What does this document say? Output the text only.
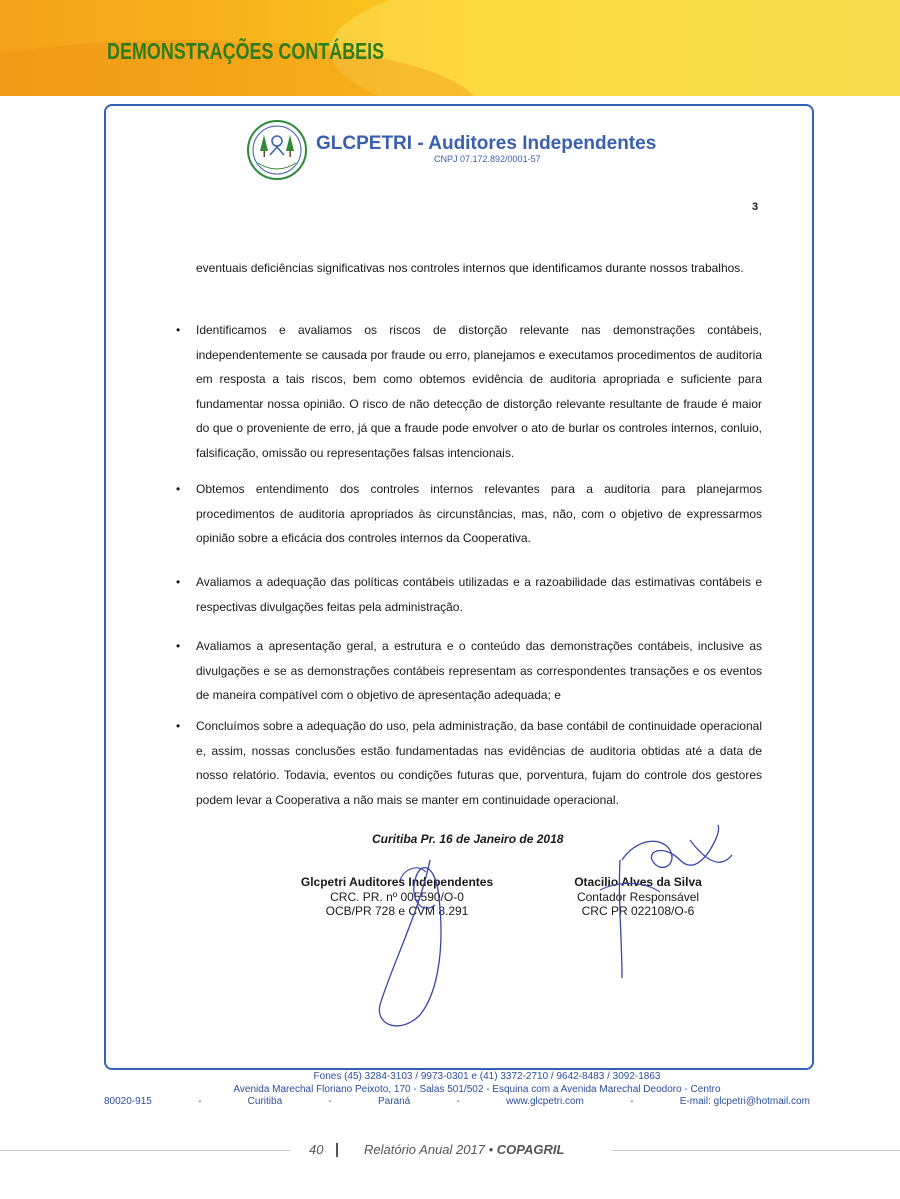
DEMONSTRAÇÕES CONTÁBEIS
GLCPETRI - Auditores Independentes
CNPJ 07.172.892/0001-57
3
eventuais deficiências significativas nos controles internos que identificamos durante nossos trabalhos.
• Identificamos e avaliamos os riscos de distorção relevante nas demonstrações contábeis, independentemente se causada por fraude ou erro, planejamos e executamos procedimentos de auditoria em resposta a tais riscos, bem como obtemos evidência de auditoria apropriada e suficiente para fundamentar nossa opinião. O risco de não detecção de distorção relevante resultante de fraude é maior do que o proveniente de erro, já que a fraude pode envolver o ato de burlar os controles internos, conluio, falsificação, omissão ou representações falsas intencionais.
• Obtemos entendimento dos controles internos relevantes para a auditoria para planejarmos procedimentos de auditoria apropriados às circunstâncias, mas, não, com o objetivo de expressarmos opinião sobre a eficácia dos controles internos da Cooperativa.
• Avaliamos a adequação das políticas contábeis utilizadas e a razoabilidade das estimativas contábeis e respectivas divulgações feitas pela administração.
• Avaliamos a apresentação geral, a estrutura e o conteúdo das demonstrações contábeis, inclusive as divulgações e se as demonstrações contábeis representam as correspondentes transações e os eventos de maneira compatível com o objetivo de apresentação adequada; e
• Concluímos sobre a adequação do uso, pela administração, da base contábil de continuidade operacional e, assim, nossas conclusões estão fundamentadas nas evidências de auditoria obtidas até a data de nosso relatório. Todavia, eventos ou condições futuras que, porventura, fujam do controle dos gestores podem levar a Cooperativa a não mais se manter em continuidade operacional.
Curitiba Pr. 16 de Janeiro de 2018
Glcpetri Auditores Independentes
CRC. PR. nº 005590/O-0
OCB/PR 728 e CVM 8.291
Otacilio Alves da Silva
Contador Responsável
CRC PR 022108/O-6
Fones (45) 3284-3103 / 9973-0301 e (41) 3372-2710 / 9642-8483 / 3092-1863
Avenida Marechal Floriano Peixoto, 170 - Salas 501/502 - Esquina com a Avenida Marechal Deodoro - Centro
80020-915	-	Curitiba	-	Paraná	-	www.glcpetri.com	-	E-mail: glcpetri@hotmail.com
40	Relatório Anual 2017 • COPAGRIL
